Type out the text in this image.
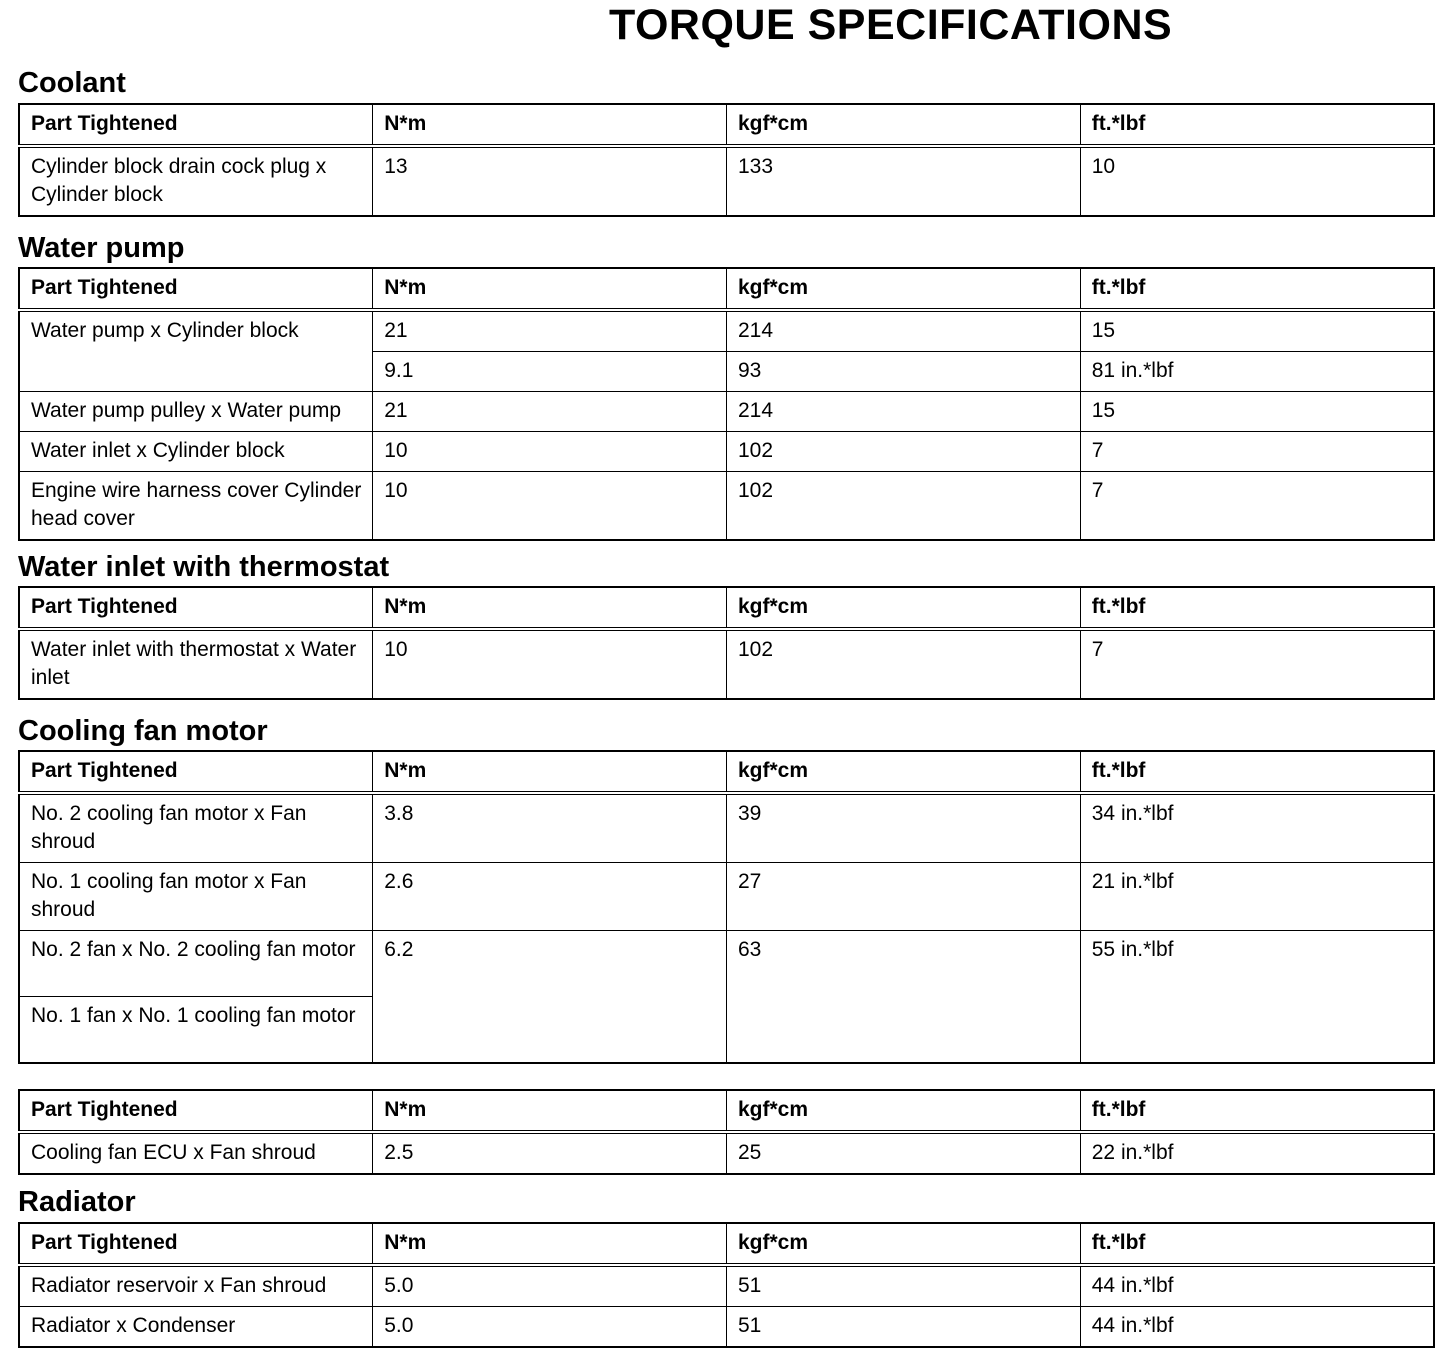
TORQUE SPECIFICATIONS
Coolant
Part Tightened	N*m	kgf*cm	ft.*lbf
Cylinder block drain cock plug x Cylinder block	13	133	10
Water pump
Part Tightened	N*m	kgf*cm	ft.*lbf
Water pump x Cylinder block	21	214	15
	9.1	93	81 in.*lbf
Water pump pulley x Water pump	21	214	15
Water inlet x Cylinder block	10	102	7
Engine wire harness cover Cylinder head cover	10	102	7
Water inlet with thermostat
Part Tightened	N*m	kgf*cm	ft.*lbf
Water inlet with thermostat x Water inlet	10	102	7
Cooling fan motor
Part Tightened	N*m	kgf*cm	ft.*lbf
No. 2 cooling fan motor x Fan shroud	3.8	39	34 in.*lbf
No. 1 cooling fan motor x Fan shroud	2.6	27	21 in.*lbf
No. 2 fan x No. 2 cooling fan motor	6.2	63	55 in.*lbf
No. 1 fan x No. 1 cooling fan motor			
Part Tightened	N*m	kgf*cm	ft.*lbf
Cooling fan ECU x Fan shroud	2.5	25	22 in.*lbf
Radiator
Part Tightened	N*m	kgf*cm	ft.*lbf
Radiator reservoir x Fan shroud	5.0	51	44 in.*lbf
Radiator x Condenser	5.0	51	44 in.*lbf
